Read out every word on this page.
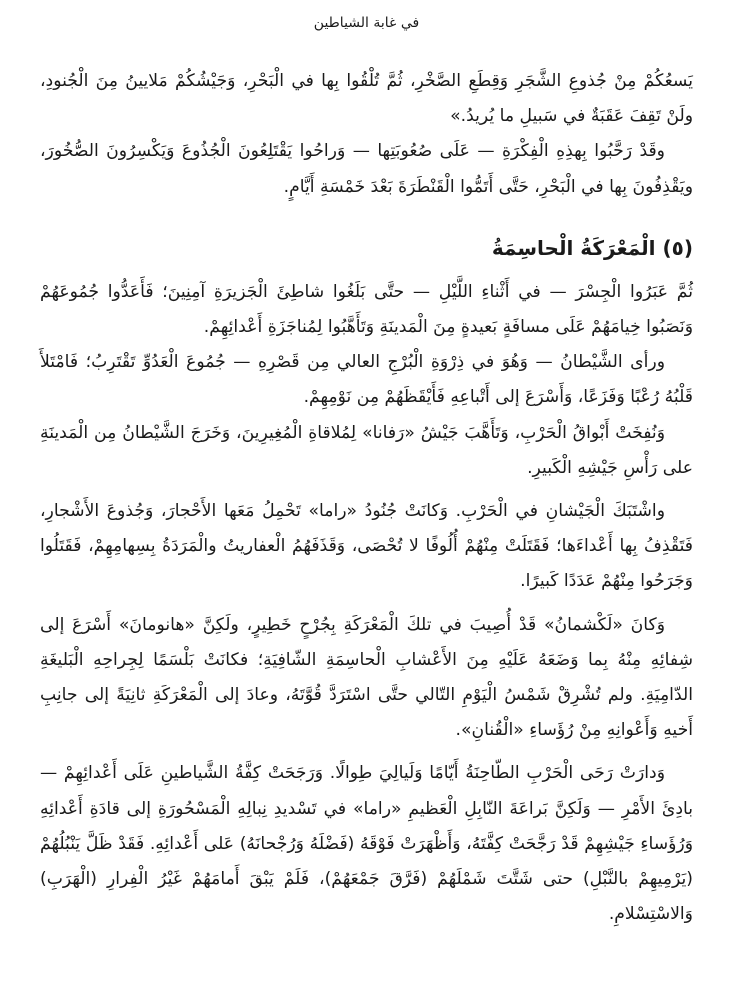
في غابة الشياطين

يَسعُكُمْ مِنْ جُذوعِ الشَّجَرِ وَقِطَعِ الصَّخْرِ، ثُمَّ تُلْقُوا بِها في الْبَحْرِ، وَجَيْشُكُمْ مَلايينُ مِنَ الْجُنودِ، ولَنْ تَقِفَ عَقَبَةٌ في سَبيلِ ما يُريدُ.»

وقَدْ رَحَّبُوا بِهذِهِ الْفِكْرَةِ — عَلَى صُعُوبَتِها — وَراحُوا يَقْتَلِعُونَ الْجُذُوعَ وَيَكْسِرُونَ الصُّخُورَ، ويَقْذِفُونَ بِها في الْبَحْرِ، حَتَّى أَتَمُّوا الْقَنْطَرَةَ بَعْدَ خَمْسَةِ أَيَّامٍ.

(٥) الْمَعْرَكَةُ الْحاسِمَةُ

ثُمَّ عَبَرُوا الْجِسْرَ — في أَثْناءِ اللَّيْلِ — حتَّى بَلَغُوا شاطِئَ الْجَزيرَةِ آمِنِينَ؛ فَأَعَدُّوا جُمُوعَهُمْ وَنَصَبُوا خِيامَهُمْ عَلَى مسافَةٍ بَعيدةٍ مِنَ الْمَدينَةِ وَتَأَهَّبُوا لِمُناجَزَةِ أَعْدائِهِمْ.

ورأى الشَّيْطانُ — وَهُوَ في ذِرْوَةِ الْبُرْجِ العالي مِن قَصْرِهِ — جُمُوعَ الْعَدُوِّ تَقْتَرِبُ؛ فَامْتَلأَ قَلْبُهُ رُعْبًا وَفَزَعًا، وَأَسْرَعَ إلى أَتْباعِهِ فَأَيْقَظَهُمْ مِن نَوْمِهِمْ.

وَنُفِخَتْ أَبْواقُ الْحَرْبِ، وَتَأَهَّبَ جَيْشُ «رَفانا» لِمُلاقاةِ الْمُغِيرِينَ، وَخَرَجَ الشَّيْطانُ مِن الْمَدينَةِ على رَأْسِ جَيْشِهِ الْكَبيرِ.

واشْتَبَكَ الْجَيْشانِ في الْحَرْبِ. وَكانَتْ جُنُودُ «راما» تَحْمِلُ مَعَها الأَحْجارَ، وَجُذوعَ الأَشْجارِ، فَتَقْذِفُ بِها أَعْداءَها؛ فَقَتَلَتْ مِنْهُمْ أُلُوفًا لا تُحْصَى، وَقَذَفَهُمُ الْعفاريتُ والْمَرَدَةُ بِسِهامِهِمْ، فَقَتَلُوا وَجَرَحُوا مِنْهُمْ عَدَدًا كَبيرًا.

وَكانَ «لَكْشمانُ» قَدْ أُصِيبَ في تلكَ الْمَعْرَكَةِ بِجُرْحٍ خَطِيرٍ، ولَكِنَّ «هانومانَ» أَسْرَعَ إلى شِفائِهِ مِنْهُ بِما وَضَعَهُ عَلَيْهِ مِنَ الأَعْشابِ الْحاسِمَةِ الشّافِيَةِ؛ فكانَتْ بَلْسَمًا لِجِراحِهِ الْبَليغَةِ الدّامِيَةِ. ولم تُشْرِقْ شَمْسُ الْيَوْمِ التّالي حتَّى اسْتَرَدَّ قُوَّتَهُ، وعادَ إلى الْمَعْرَكَةِ ثانِيَةً إلى جانِبِ أَخيهِ وَأَعْوانِهِ مِنْ رُؤَساءِ «الْقُنانِ».

وَدارَتْ رَحَى الْحَرْبِ الطّاحِنَةُ أَيّامًا وَلَيالِيَ طِوالًا. وَرَجَحَتْ كِفَّةُ الشَّياطينِ عَلَى أَعْدائِهِمْ — بادِئَ الأَمْرِ — وَلَكِنَّ بَراعَةَ النّابِلِ الْعَظيمِ «راما» في تَسْديدِ نِبالِهِ الْمَسْحُورَةِ إلى قادَةِ أَعْدائِهِ وَرُؤَساءِ جَيْشِهِمْ قَدْ رَجَّحَتْ كِفَّتَهُ، وَأَظْهَرَتْ فَوْقَهُ (فَضْلَهُ وَرُجْحانَهُ) عَلى أَعْدائِهِ. فَقَدْ ظَلَّ يَنْبُلُهُمْ (يَرْمِيهِمْ بالنَّبْلِ) حتى شَتَّتَ شَمْلَهُمْ (فَرَّقَ جَمْعَهُمْ)، فَلَمْ يَبْقَ أَمامَهُمْ غَيْرُ الْفِرارِ (الْهَرَبِ) وَالاسْتِسْلامِ.
